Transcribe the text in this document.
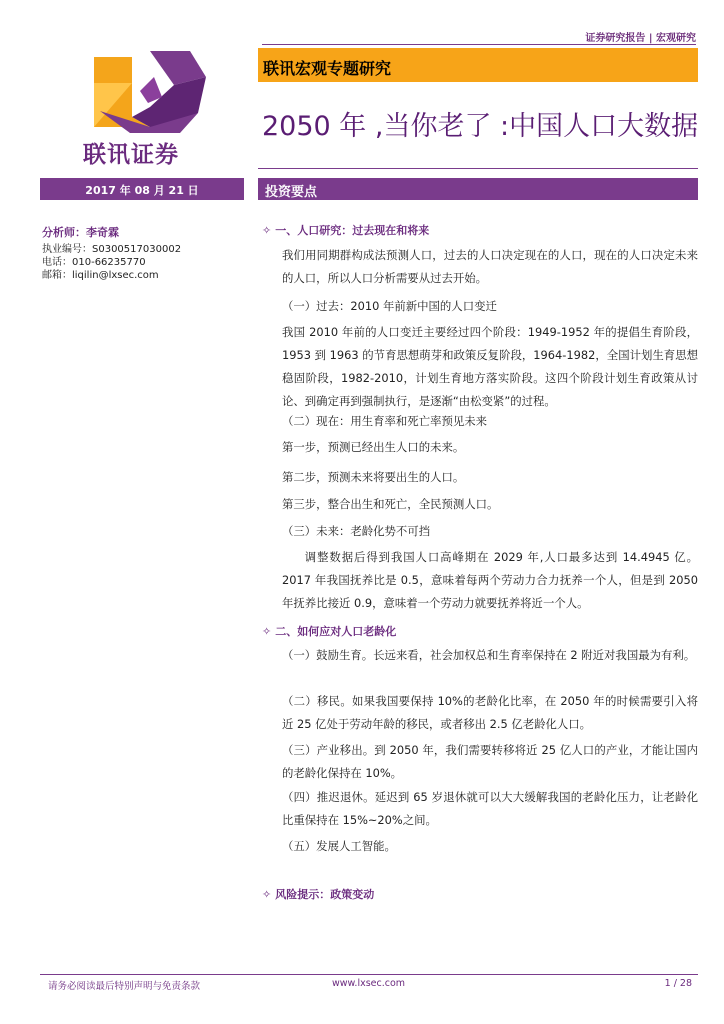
证券研究报告 | 宏观研究
联讯证券
联讯宏观专题研究
2050 年 ,当你老了 :中国人口大数据
2017 年 08 月 21 日	投资要点
分析师：李奇霖
执业编号：S0300517030002
电话：010-66235770
邮箱：liqilin@lxsec.com
✧ 一、人口研究：过去现在和将来
我们用同期群构成法预测人口，过去的人口决定现在的人口，现在的人口决定未来的人口，所以人口分析需要从过去开始。
（一）过去：2010 年前新中国的人口变迁
我国 2010 年前的人口变迁主要经过四个阶段：1949-1952 年的提倡生育阶段，1953 到 1963 的节育思想萌芽和政策反复阶段，1964-1982，全国计划生育思想稳固阶段，1982-2010，计划生育地方落实阶段。这四个阶段计划生育政策从讨论、到确定再到强制执行，是逐渐“由松变紧”的过程。
（二）现在：用生育率和死亡率预见未来
第一步，预测已经出生人口的未来。
第二步，预测未来将要出生的人口。
第三步，整合出生和死亡，全民预测人口。
（三）未来：老龄化势不可挡
调整数据后得到我国人口高峰期在 2029 年,人口最多达到 14.4945 亿。2017 年我国抚养比是 0.5，意味着每两个劳动力合力抚养一个人，但是到 2050 年抚养比接近 0.9，意味着一个劳动力就要抚养将近一个人。
✧ 二、如何应对人口老龄化
（一）鼓励生育。长远来看，社会加权总和生育率保持在 2 附近对我国最为有利。
（二）移民。如果我国要保持 10%的老龄化比率，在 2050 年的时候需要引入将近 25 亿处于劳动年龄的移民，或者移出 2.5 亿老龄化人口。
（三）产业移出。到 2050 年，我们需要转移将近 25 亿人口的产业，才能让国内的老龄化保持在 10%。
（四）推迟退休。延迟到 65 岁退休就可以大大缓解我国的老龄化压力，让老龄化比重保持在 15%~20%之间。
（五）发展人工智能。
✧ 风险提示：政策变动
请务必阅读最后特别声明与免责条款	www.lxsec.com	1 / 28
